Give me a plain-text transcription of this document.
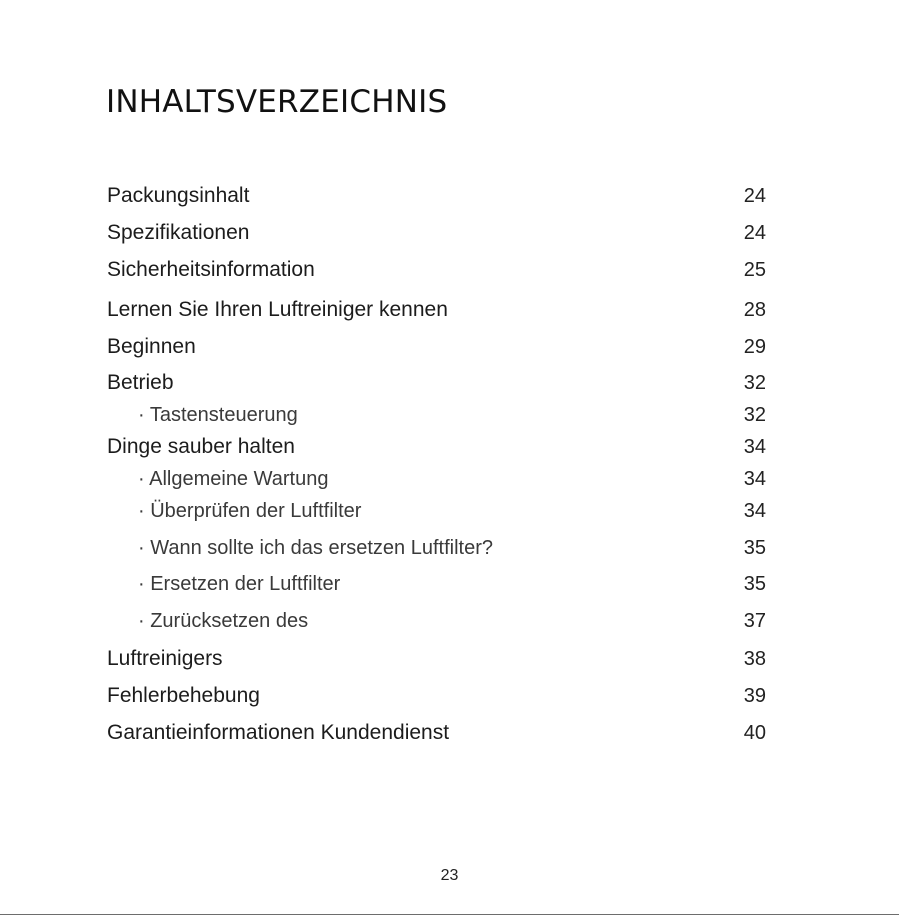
INHALTSVERZEICHNIS
Packungsinhalt	24
Spezifikationen	24
Sicherheitsinformation	25
Lernen Sie Ihren Luftreiniger kennen	28
Beginnen	29
Betrieb	32
· Tastensteuerung	32
Dinge sauber halten	34
· Allgemeine Wartung	34
· Überprüfen der Luftfilter	34
· Wann sollte ich das ersetzen Luftfilter?	35
· Ersetzen der Luftfilter	35
· Zurücksetzen des	37
Luftreinigers	38
Fehlerbehebung	39
Garantieinformationen Kundendienst	40
23
